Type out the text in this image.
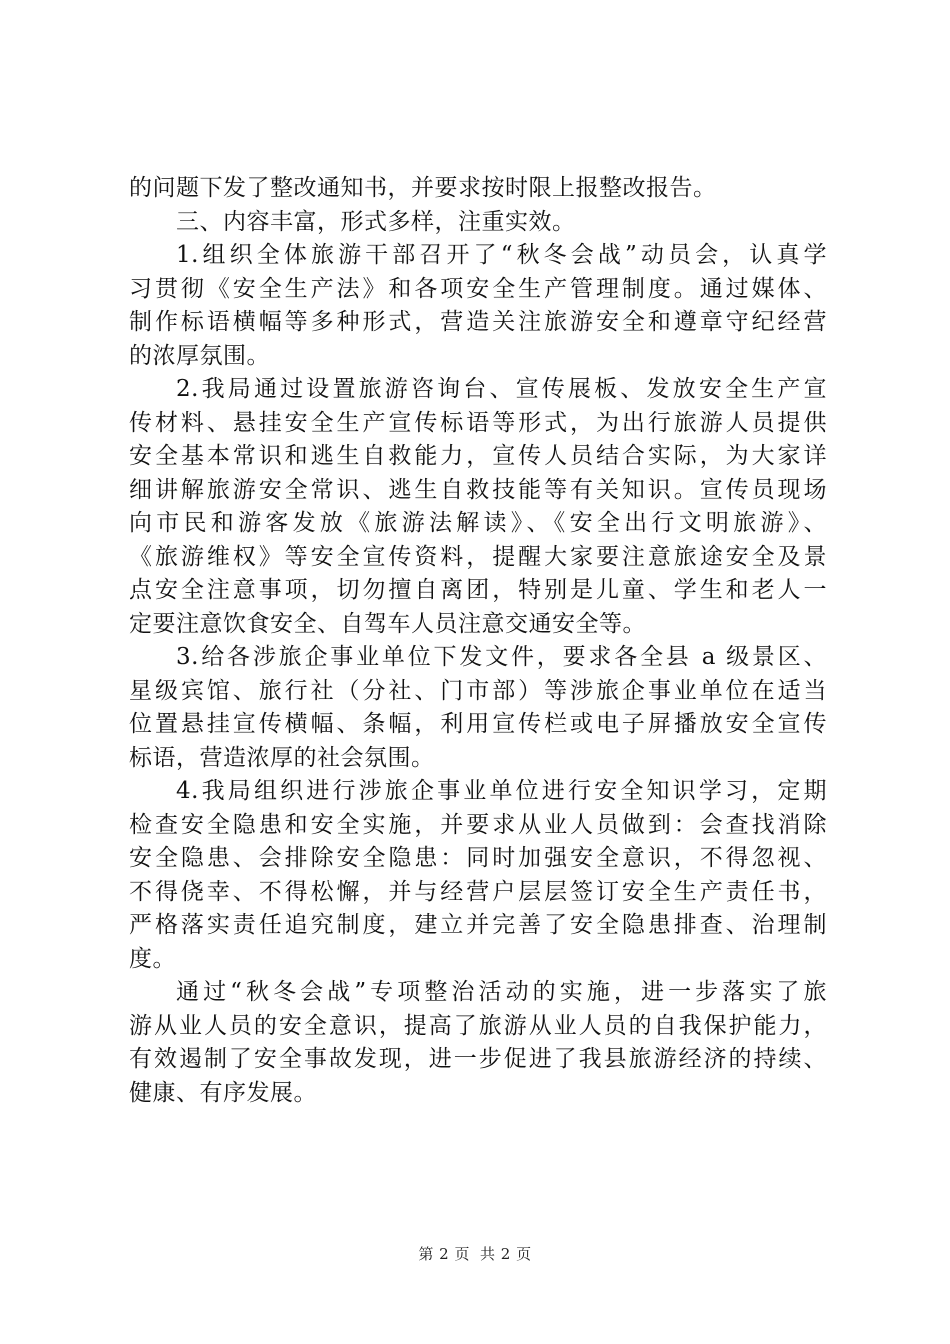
的问题下发了整改通知书，并要求按时限上报整改报告。
三、内容丰富，形式多样，注重实效。
1.组织全体旅游干部召开了“秋冬会战”动员会，认真学
习贯彻《安全生产法》和各项安全生产管理制度。通过媒体、
制作标语横幅等多种形式，营造关注旅游安全和遵章守纪经营
的浓厚氛围。
2.我局通过设置旅游咨询台、宣传展板、发放安全生产宣
传材料、悬挂安全生产宣传标语等形式，为出行旅游人员提供
安全基本常识和逃生自救能力，宣传人员结合实际，为大家详
细讲解旅游安全常识、逃生自救技能等有关知识。宣传员现场
向市民和游客发放《旅游法解读》、《安全出行文明旅游》、
《旅游维权》等安全宣传资料，提醒大家要注意旅途安全及景
点安全注意事项，切勿擅自离团，特别是儿童、学生和老人一
定要注意饮食安全、自驾车人员注意交通安全等。
3.给各涉旅企事业单位下发文件，要求各全县 a 级景区、
星级宾馆、旅行社（分社、门市部）等涉旅企事业单位在适当
位置悬挂宣传横幅、条幅，利用宣传栏或电子屏播放安全宣传
标语，营造浓厚的社会氛围。
4.我局组织进行涉旅企事业单位进行安全知识学习，定期
检查安全隐患和安全实施，并要求从业人员做到：会查找消除
安全隐患、会排除安全隐患：同时加强安全意识，不得忽视、
不得侥幸、不得松懈，并与经营户层层签订安全生产责任书，
严格落实责任追究制度，建立并完善了安全隐患排查、治理制
度。
通过“秋冬会战”专项整治活动的实施，进一步落实了旅
游从业人员的安全意识，提高了旅游从业人员的自我保护能力，
有效遏制了安全事故发现，进一步促进了我县旅游经济的持续、
健康、有序发展。
第 2 页 共 2 页
